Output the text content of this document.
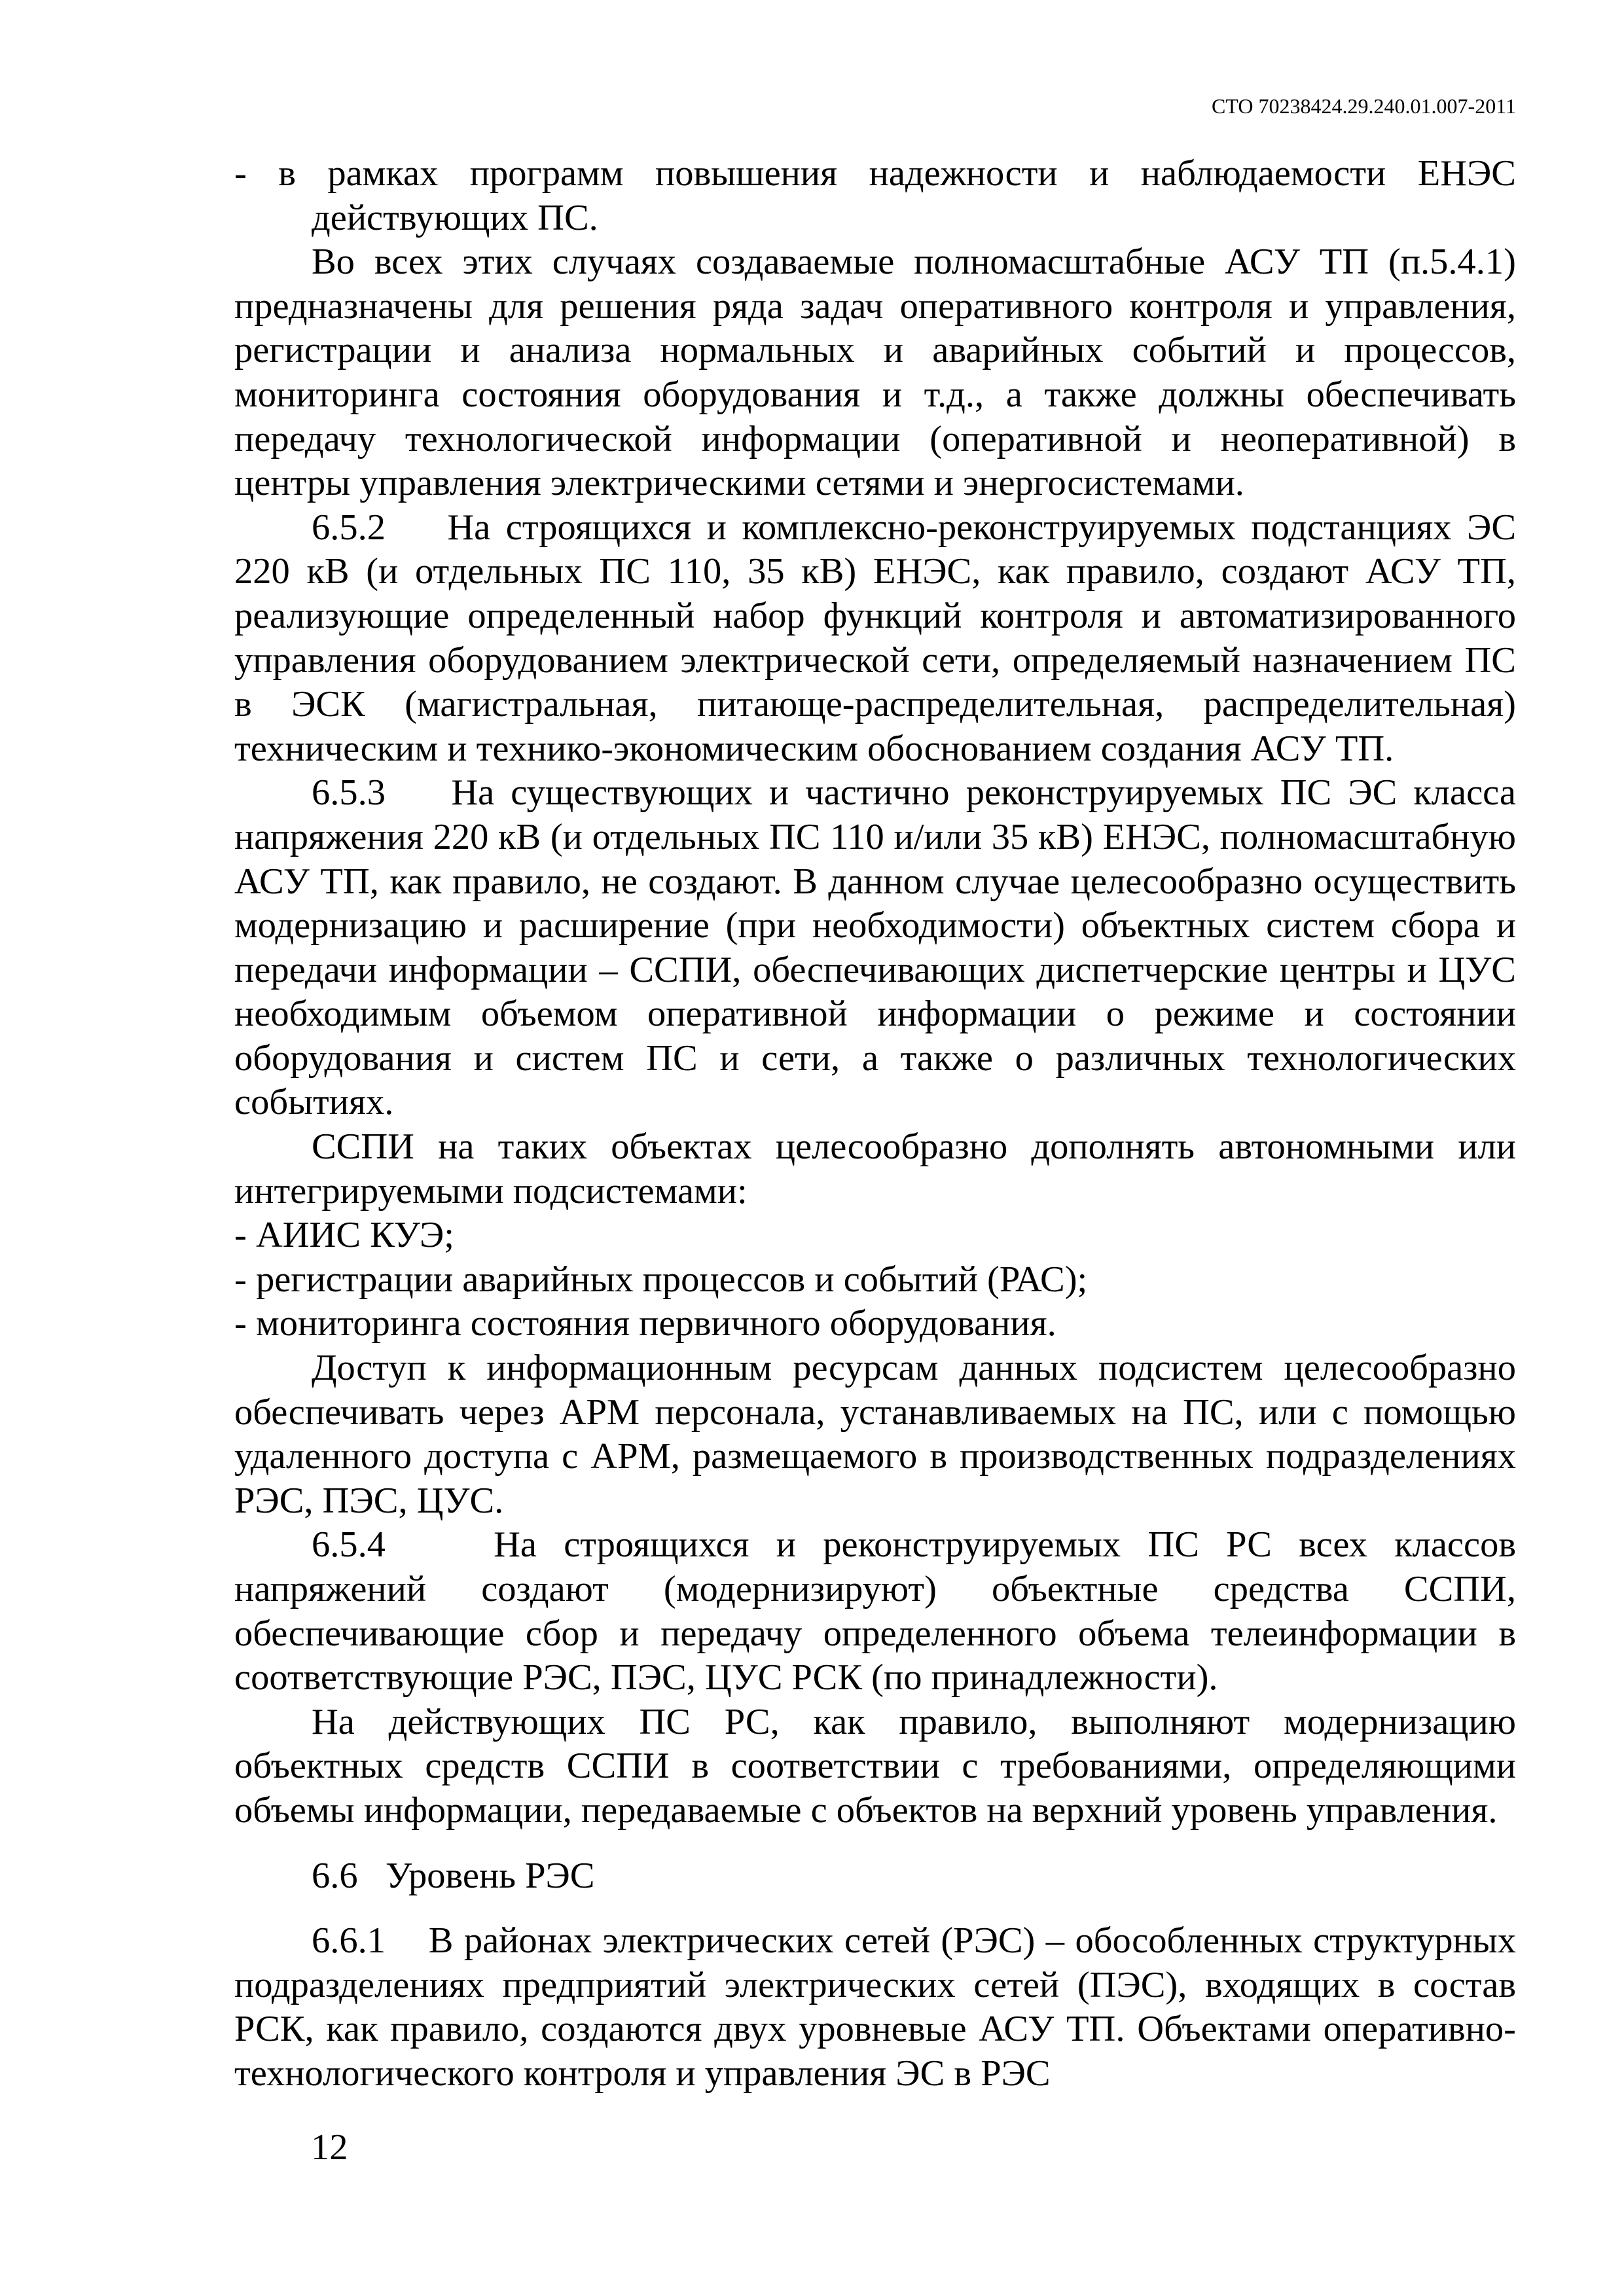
СТО 70238424.29.240.01.007-2011

- в рамках программ повышения надежности и наблюдаемости ЕНЭС действующих ПС.

Во всех этих случаях создаваемые полномасштабные АСУ ТП (п.5.4.1) предназначены для решения ряда задач оперативного контроля и управления, регистрации и анализа нормальных и аварийных событий и процессов, мониторинга состояния оборудования и т.д., а также должны обеспечивать передачу технологической информации (оперативной и неоперативной) в центры управления электрическими сетями и энергосистемами.

6.5.2 На строящихся и комплексно-реконструируемых подстанциях ЭС 220 кВ (и отдельных ПС 110, 35 кВ) ЕНЭС, как правило, создают АСУ ТП, реализующие определенный набор функций контроля и автоматизированного управления оборудованием электрической сети, определяемый назначением ПС в ЭСК (магистральная, питающе-распределительная, распределительная) техническим и технико-экономическим обоснованием создания АСУ ТП.

6.5.3 На существующих и частично реконструируемых ПС ЭС класса напряжения 220 кВ (и отдельных ПС 110 и/или 35 кВ) ЕНЭС, полномасштабную АСУ ТП, как правило, не создают. В данном случае целесообразно осуществить модернизацию и расширение (при необходимости) объектных систем сбора и передачи информации – ССПИ, обеспечивающих диспетчерские центры и ЦУС необходимым объемом оперативной информации о режиме и состоянии оборудования и систем ПС и сети, а также о различных технологических событиях.

ССПИ на таких объектах целесообразно дополнять автономными или интегрируемыми подсистемами:

- АИИС КУЭ;

- регистрации аварийных процессов и событий (РАС);

- мониторинга состояния первичного оборудования.

Доступ к информационным ресурсам данных подсистем целесообразно обеспечивать через АРМ персонала, устанавливаемых на ПС, или с помощью удаленного доступа с АРМ, размещаемого в производственных подразделениях РЭС, ПЭС, ЦУС.

6.5.4	На строящихся и реконструируемых ПС РС всех классов напряжений создают (модернизируют) объектные средства ССПИ, обеспечивающие сбор и передачу определенного объема телеинформации в соответствующие РЭС, ПЭС, ЦУС РСК (по принадлежности).

На действующих ПС РС, как правило, выполняют модернизацию объектных средств ССПИ в соответствии с требованиями, определяющими объемы информации, передаваемые с объектов на верхний уровень управления.

6.6 Уровень РЭС

6.6.1 В районах электрических сетей (РЭС) – обособленных структурных подразделениях предприятий электрических сетей (ПЭС), входящих в состав РСК, как правило, создаются двух уровневые АСУ ТП. Объектами оперативно-технологического контроля и управления ЭС в РЭС

12
